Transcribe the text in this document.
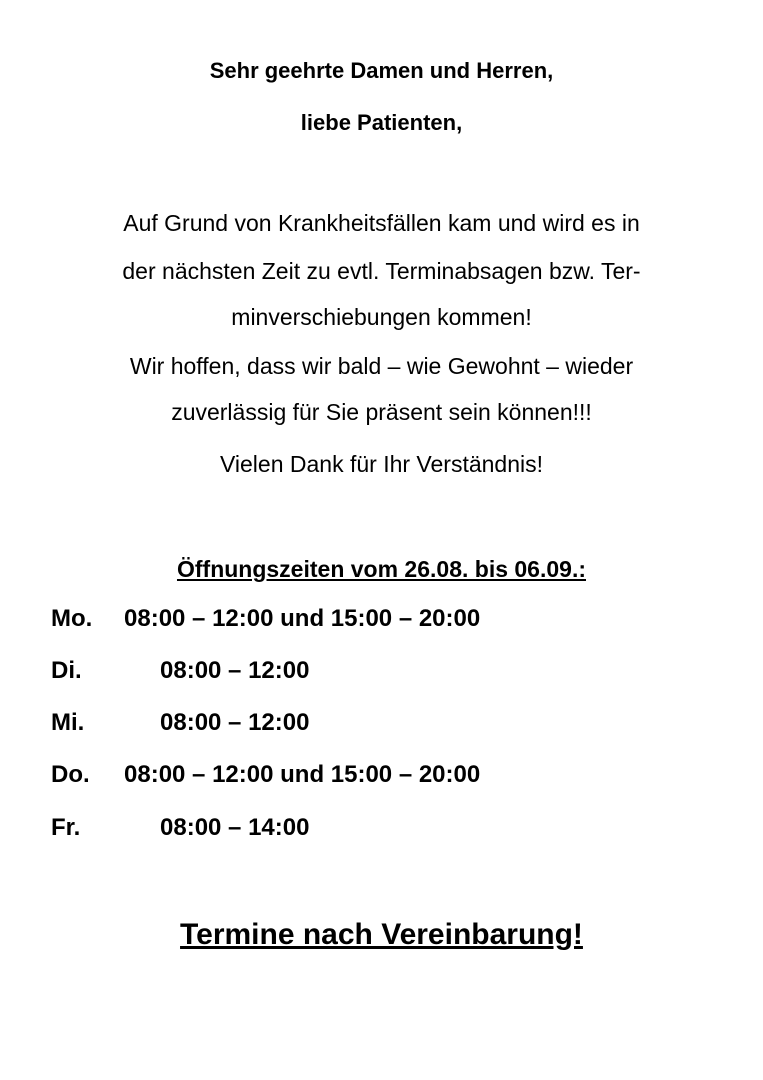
Sehr geehrte Damen und Herren,
liebe Patienten,
Auf Grund von Krankheitsfällen kam und wird es in
der nächsten Zeit zu evtl. Terminabsagen bzw. Ter-
minverschiebungen kommen!
Wir hoffen, dass wir bald – wie Gewohnt – wieder
zuverlässig für Sie präsent sein können!!!
Vielen Dank für Ihr Verständnis!
Öffnungszeiten vom 26.08. bis 06.09.:
Mo. 08:00 – 12:00 und 15:00 – 20:00
Di.	08:00 – 12:00
Mi.	08:00 – 12:00
Do. 08:00 – 12:00 und 15:00 – 20:00
Fr.	08:00 – 14:00
Termine nach Vereinbarung!
